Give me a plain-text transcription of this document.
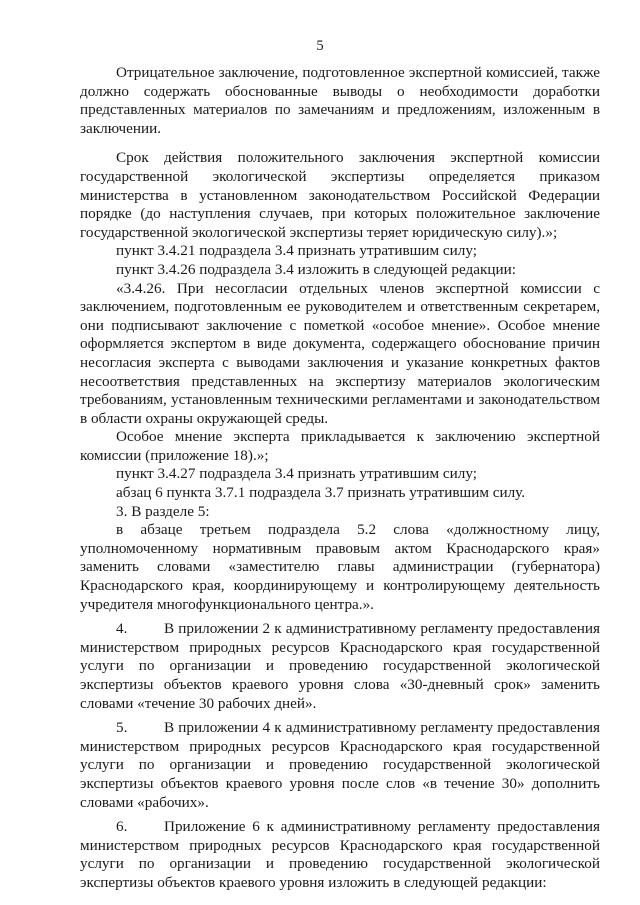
5

Отрицательное заключение, подготовленное экспертной комиссией, также должно содержать обоснованные выводы о необходимости доработки представленных материалов по замечаниям и предложениям, изложенным в заключении.

Срок действия положительного заключения экспертной комиссии государственной экологической экспертизы определяется приказом министерства в установленном законодательством Российской Федерации порядке (до наступления случаев, при которых положительное заключение государственной экологической экспертизы теряет юридическую силу).»;

пункт 3.4.21 подраздела 3.4 признать утратившим силу;

пункт 3.4.26 подраздела 3.4 изложить в следующей редакции:

«3.4.26. При несогласии отдельных членов экспертной комиссии с заключением, подготовленным ее руководителем и ответственным секретарем, они подписывают заключение с пометкой «особое мнение». Особое мнение оформляется экспертом в виде документа, содержащего обоснование причин несогласия эксперта с выводами заключения и указание конкретных фактов несоответствия представленных на экспертизу материалов экологическим требованиям, установленным техническими регламентами и законодательством в области охраны окружающей среды.

Особое мнение эксперта прикладывается к заключению экспертной комиссии (приложение 18).»;

пункт 3.4.27 подраздела 3.4 признать утратившим силу;

абзац 6 пункта 3.7.1 подраздела 3.7 признать утратившим силу.

3. В разделе 5:

в абзаце третьем подраздела 5.2 слова «должностному лицу, уполномоченному нормативным правовым актом Краснодарского края» заменить словами «заместителю главы администрации (губернатора) Краснодарского края, координирующему и контролирующему деятельность учредителя многофункционального центра.».

4. В приложении 2 к административному регламенту предоставления министерством природных ресурсов Краснодарского края государственной услуги по организации и проведению государственной экологической экспертизы объектов краевого уровня слова «30-дневный срок» заменить словами «течение 30 рабочих дней».

5. В приложении 4 к административному регламенту предоставления министерством природных ресурсов Краснодарского края государственной услуги по организации и проведению государственной экологической экспертизы объектов краевого уровня после слов «в течение 30» дополнить словами «рабочих».

6. Приложение 6 к административному регламенту предоставления министерством природных ресурсов Краснодарского края государственной услуги по организации и проведению государственной экологической экспертизы объектов краевого уровня изложить в следующей редакции:
